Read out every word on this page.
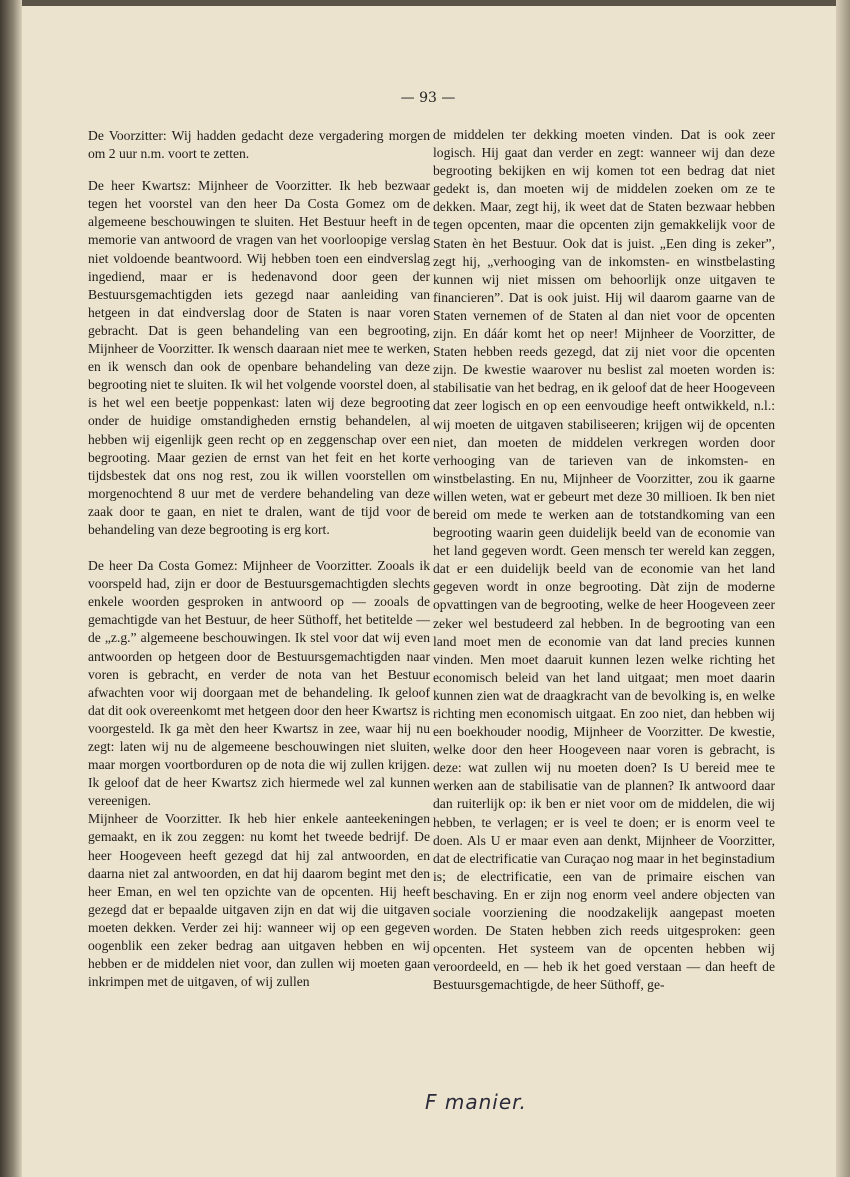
— 93 —

De Voorzitter: Wij hadden gedacht deze vergadering morgen om 2 uur n.m. voort te zetten.

De heer Kwartsz: Mijnheer de Voorzitter. Ik heb bezwaar tegen het voorstel van den heer Da Costa Gomez om de algemeene beschouwingen te sluiten. Het Bestuur heeft in de memorie van antwoord de vragen van het voorloopige verslag niet voldoende beantwoord. Wij hebben toen een eindverslag ingediend, maar er is hedenavond door geen der Bestuursgemachtigden iets gezegd naar aanleiding van hetgeen in dat eindverslag door de Staten is naar voren gebracht. Dat is geen behandeling van een begrooting, Mijnheer de Voorzitter. Ik wensch daaraan niet mee te werken, en ik wensch dan ook de openbare behandeling van deze begrooting niet te sluiten. Ik wil het volgende voorstel doen, al is het wel een beetje poppenkast: laten wij deze begrooting onder de huidige omstandigheden ernstig behandelen, al hebben wij eigenlijk geen recht op en zeggenschap over een begrooting. Maar gezien de ernst van het feit en het korte tijdsbestek dat ons nog rest, zou ik willen voorstellen om morgenochtend 8 uur met de verdere behandeling van deze zaak door te gaan, en niet te dralen, want de tijd voor de behandeling van deze begrooting is erg kort.

De heer Da Costa Gomez: Mijnheer de Voorzitter. Zooals ik voorspeld had, zijn er door de Bestuursgemachtigden slechts enkele woorden gesproken in antwoord op — zooals de gemachtigde van het Bestuur, de heer Süthoff, het betitelde — de „z.g.” algemeene beschouwingen. Ik stel voor dat wij even antwoorden op hetgeen door de Bestuursgemachtigden naar voren is gebracht, en verder de nota van het Bestuur afwachten voor wij doorgaan met de behandeling. Ik geloof dat dit ook overeenkomt met hetgeen door den heer Kwartsz is voorgesteld. Ik ga mèt den heer Kwartsz in zee, waar hij nu zegt: laten wij nu de algemeene beschouwingen niet sluiten, maar morgen voortborduren op de nota die wij zullen krijgen. Ik geloof dat de heer Kwartsz zich hiermede wel zal kunnen vereenigen.

Mijnheer de Voorzitter. Ik heb hier enkele aanteekeningen gemaakt, en ik zou zeggen: nu komt het tweede bedrijf. De heer Hoogeveen heeft gezegd dat hij zal antwoorden, en daarna niet zal antwoorden, en dat hij daarom begint met den heer Eman, en wel ten opzichte van de opcenten. Hij heeft gezegd dat er bepaalde uitgaven zijn en dat wij die uitgaven moeten dekken. Verder zei hij: wanneer wij op een gegeven oogenblik een zeker bedrag aan uitgaven hebben en wij hebben er de middelen niet voor, dan zullen wij moeten gaan inkrimpen met de uitgaven, of wij zullen

de middelen ter dekking moeten vinden. Dat is ook zeer logisch. Hij gaat dan verder en zegt: wanneer wij dan deze begrooting bekijken en wij komen tot een bedrag dat niet gedekt is, dan moeten wij de middelen zoeken om ze te dekken. Maar, zegt hij, ik weet dat de Staten bezwaar hebben tegen opcenten, maar die opcenten zijn gemakkelijk voor de Staten èn het Bestuur. Ook dat is juist. „Een ding is zeker”, zegt hij, „verhooging van de inkomsten- en winstbelasting kunnen wij niet missen om behoorlijk onze uitgaven te financieren”. Dat is ook juist. Hij wil daarom gaarne van de Staten vernemen of de Staten al dan niet voor de opcenten zijn. En dáár komt het op neer! Mijnheer de Voorzitter, de Staten hebben reeds gezegd, dat zij niet voor die opcenten zijn. De kwestie waarover nu beslist zal moeten worden is: stabilisatie van het bedrag, en ik geloof dat de heer Hoogeveen dat zeer logisch en op een eenvoudige heeft ontwikkeld, n.l.: wij moeten de uitgaven stabiliseeren; krijgen wij de opcenten niet, dan moeten de middelen verkregen worden door verhooging van de tarieven van de inkomsten- en winstbelasting. En nu, Mijnheer de Voorzitter, zou ik gaarne willen weten, wat er gebeurt met deze 30 millioen. Ik ben niet bereid om mede te werken aan de totstandkoming van een begrooting waarin geen duidelijk beeld van de economie van het land gegeven wordt. Geen mensch ter wereld kan zeggen, dat er een duidelijk beeld van de economie van het land gegeven wordt in onze begrooting. Dàt zijn de moderne opvattingen van de begrooting, welke de heer Hoogeveen zeer zeker wel bestudeerd zal hebben. In de begrooting van een land moet men de economie van dat land precies kunnen vinden. Men moet daaruit kunnen lezen welke richting het economisch beleid van het land uitgaat; men moet daarin kunnen zien wat de draagkracht van de bevolking is, en welke richting men economisch uitgaat. En zoo niet, dan hebben wij een boekhouder noodig, Mijnheer de Voorzitter. De kwestie, welke door den heer Hoogeveen naar voren is gebracht, is deze: wat zullen wij nu moeten doen? Is U bereid mee te werken aan de stabilisatie van de plannen? Ik antwoord daar dan ruiterlijk op: ik ben er niet voor om de middelen, die wij hebben, te verlagen; er is veel te doen; er is enorm veel te doen. Als U er maar even aan denkt, Mijnheer de Voorzitter, dat de electrificatie van Curaçao nog maar in het beginstadium is; de electrificatie, een van de primaire eischen van beschaving. En er zijn nog enorm veel andere objecten van sociale voorziening die noodzakelijk aangepast moeten worden. De Staten hebben zich reeds uitgesproken: geen opcenten. Het systeem van de opcenten hebben wij veroordeeld, en — heb ik het goed verstaan — dan heeft de Bestuursgemachtigde, de heer Süthoff, ge-

F manier.
